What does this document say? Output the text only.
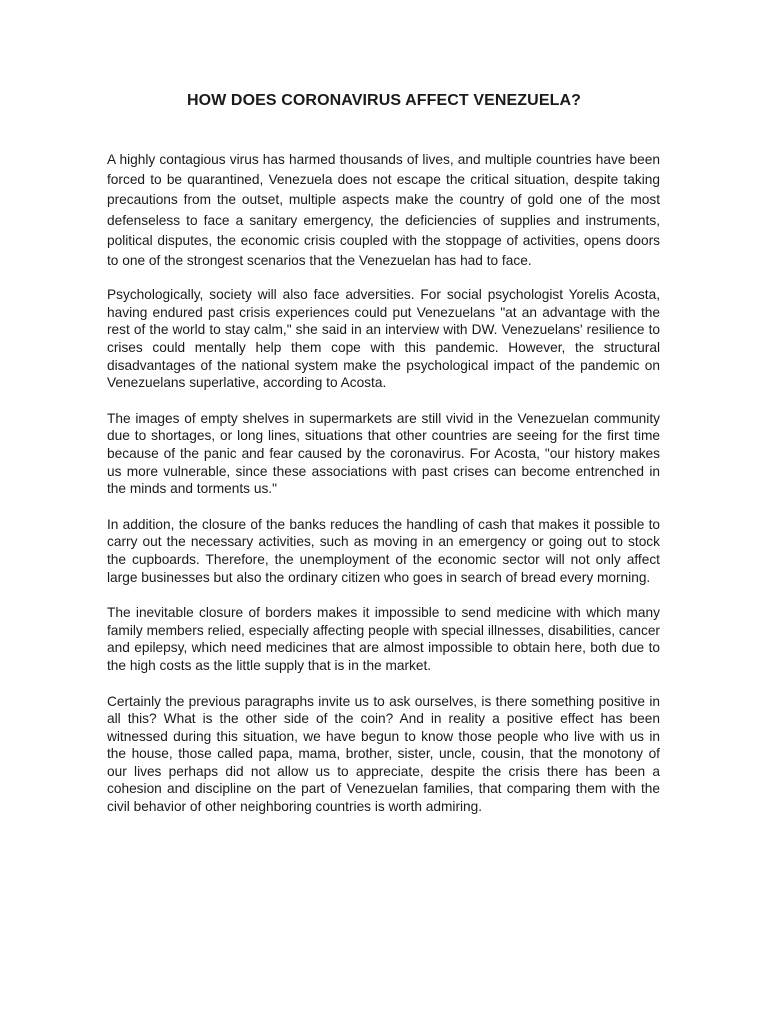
HOW DOES CORONAVIRUS AFFECT VENEZUELA?

A highly contagious virus has harmed thousands of lives, and multiple countries have been forced to be quarantined, Venezuela does not escape the critical situation, despite taking precautions from the outset, multiple aspects make the country of gold one of the most defenseless to face a sanitary emergency, the deficiencies of supplies and instruments, political disputes, the economic crisis coupled with the stoppage of activities, opens doors to one of the strongest scenarios that the Venezuelan has had to face.

Psychologically, society will also face adversities. For social psychologist Yorelis Acosta, having endured past crisis experiences could put Venezuelans "at an advantage with the rest of the world to stay calm," she said in an interview with DW. Venezuelans' resilience to crises could mentally help them cope with this pandemic. However, the structural disadvantages of the national system make the psychological impact of the pandemic on Venezuelans superlative, according to Acosta.

The images of empty shelves in supermarkets are still vivid in the Venezuelan community due to shortages, or long lines, situations that other countries are seeing for the first time because of the panic and fear caused by the coronavirus. For Acosta, "our history makes us more vulnerable, since these associations with past crises can become entrenched in the minds and torments us."

In addition, the closure of the banks reduces the handling of cash that makes it possible to carry out the necessary activities, such as moving in an emergency or going out to stock the cupboards. Therefore, the unemployment of the economic sector will not only affect large businesses but also the ordinary citizen who goes in search of bread every morning.

The inevitable closure of borders makes it impossible to send medicine with which many family members relied, especially affecting people with special illnesses, disabilities, cancer and epilepsy, which need medicines that are almost impossible to obtain here, both due to the high costs as the little supply that is in the market.

Certainly the previous paragraphs invite us to ask ourselves, is there something positive in all this? What is the other side of the coin? And in reality a positive effect has been witnessed during this situation, we have begun to know those people who live with us in the house, those called papa, mama, brother, sister, uncle, cousin, that the monotony of our lives perhaps did not allow us to appreciate, despite the crisis there has been a cohesion and discipline on the part of Venezuelan families, that comparing them with the civil behavior of other neighboring countries is worth admiring.
